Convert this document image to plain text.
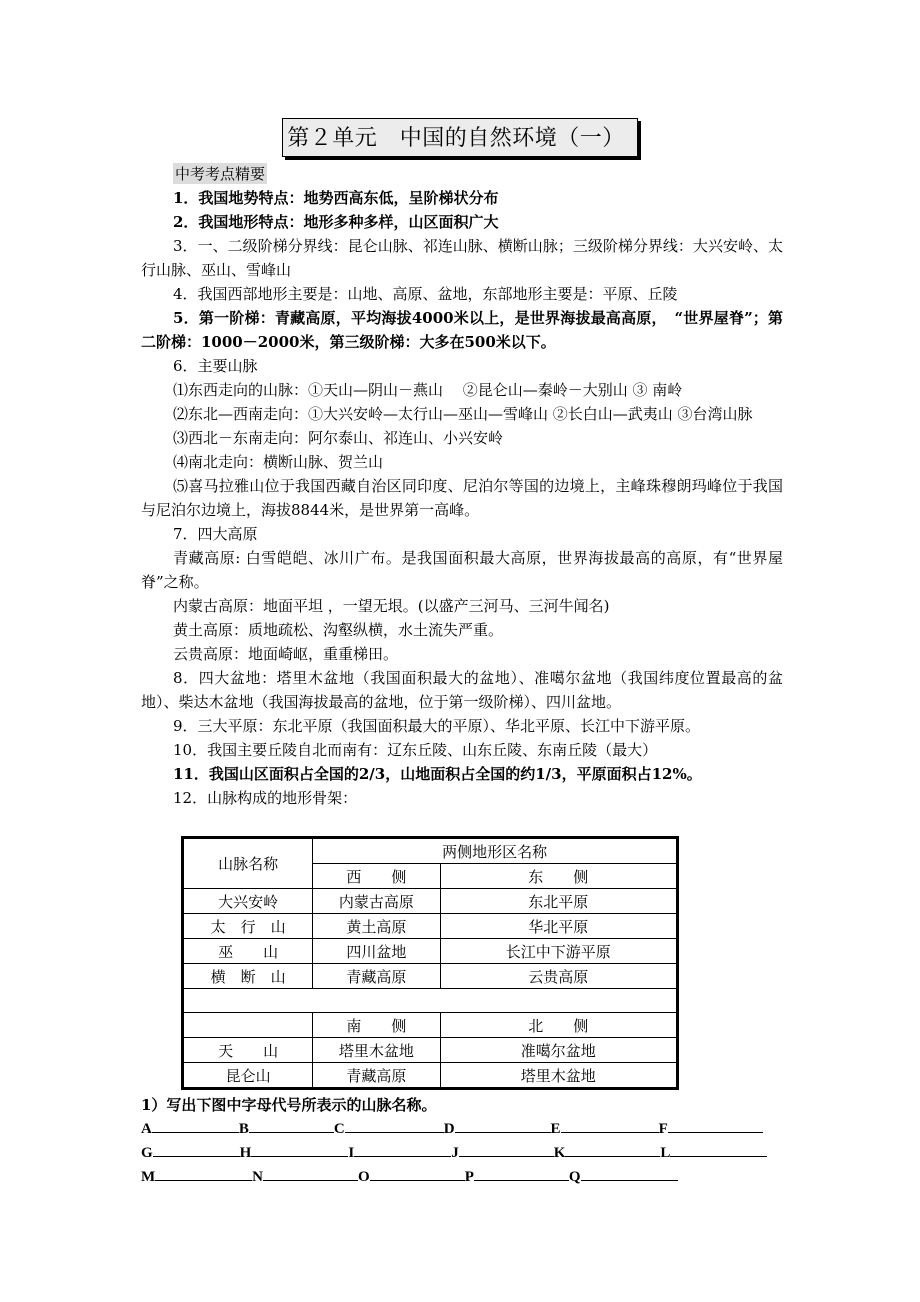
第２单元　中国的自然环境（一）
中考考点精要

1．我国地势特点：地势西高东低，呈阶梯状分布

2．我国地形特点：地形多种多样，山区面积广大

3．一、二级阶梯分界线：昆仑山脉、祁连山脉、横断山脉；三级阶梯分界线：大兴安岭、太行山脉、巫山、雪峰山

4．我国西部地形主要是：山地、高原、盆地，东部地形主要是：平原、丘陵

5．第一阶梯：青藏高原，平均海拔4000米以上，是世界海拔最高高原，　“世界屋脊”；第二阶梯：1000－2000米，第三级阶梯：大多在500米以下。

6．主要山脉

⑴东西走向的山脉：①天山—阴山－燕山　 ②昆仑山—秦岭－大别山 ③ 南岭

⑵东北—西南走向：①大兴安岭—太行山—巫山—雪峰山 ②长白山—武夷山 ③台湾山脉

⑶西北－东南走向：阿尔泰山、祁连山、小兴安岭

⑷南北走向：横断山脉、贺兰山

⑸喜马拉雅山位于我国西藏自治区同印度、尼泊尔等国的边境上，主峰珠穆朗玛峰位于我国与尼泊尔边境上，海拔8844米，是世界第一高峰。

7．四大高原

青藏高原: 白雪皑皑、冰川广布。是我国面积最大高原，世界海拔最高的高原，有“世界屋脊”之称。

内蒙古高原：地面平坦 ，一望无垠。(以盛产三河马、三河牛闻名)

黄土高原：质地疏松、沟壑纵横，水土流失严重。

云贵高原：地面崎岖，重重梯田。

8．四大盆地：塔里木盆地（我国面积最大的盆地）、准噶尔盆地（我国纬度位置最高的盆地）、柴达木盆地（我国海拔最高的盆地，位于第一级阶梯）、四川盆地。

9．三大平原：东北平原（我国面积最大的平原）、华北平原、长江中下游平原。

10．我国主要丘陵自北而南有：辽东丘陵、山东丘陵、东南丘陵（最大）

11．我国山区面积占全国的2/3，山地面积占全国的约1/3，平原面积占12%。

12．山脉构成的地形骨架：

山脉名称	两侧地形区名称	
	西　　侧	东　　侧
大兴安岭	内蒙古高原	东北平原
太　行　山	黄土高原	华北平原
巫　　山	四川盆地	长江中下游平原
横　断　山	青藏高原	云贵高原

	南　　侧	北　　侧
天　　山	塔里木盆地	准噶尔盆地
昆仑山	青藏高原	塔里木盆地
1）写出下图中字母代号所表示的山脉名称。
A	B	C	D	E	F
G	H	I	J	K	L
M	N	O	P	Q
